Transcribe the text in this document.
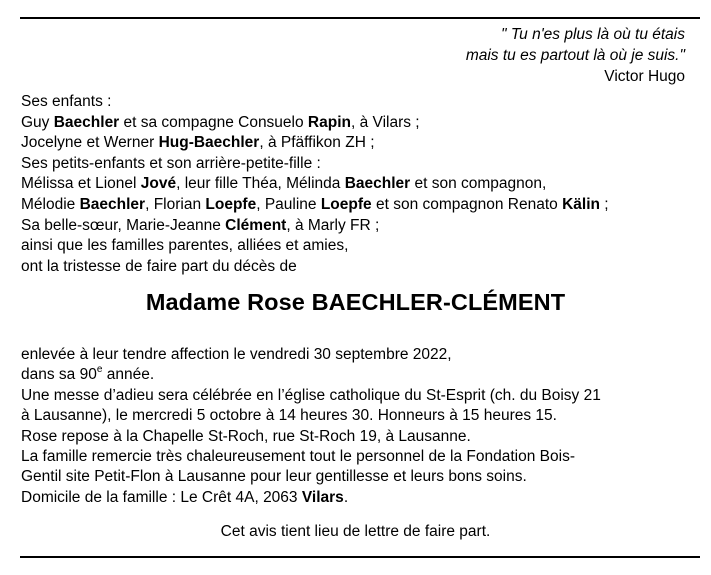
" Tu n'es plus là où tu étais
mais tu es partout là où je suis."
Victor Hugo
Ses enfants :
Guy Baechler et sa compagne Consuelo Rapin, à Vilars ;
Jocelyne et Werner Hug-Baechler, à Pfäffikon ZH ;
Ses petits-enfants et son arrière-petite-fille :
Mélissa et Lionel Jové, leur fille Théa, Mélinda Baechler et son compagnon,
Mélodie Baechler, Florian Loepfe, Pauline Loepfe et son compagnon Renato Kälin ;
Sa belle-sœur, Marie-Jeanne Clément, à Marly FR ;
ainsi que les familles parentes, alliées et amies,
ont la tristesse de faire part du décès de
Madame Rose BAECHLER-CLÉMENT
enlevée à leur tendre affection le vendredi 30 septembre 2022,
dans sa 90e année.
Une messe d’adieu sera célébrée en l’église catholique du St-Esprit (ch. du Boisy 21
à Lausanne), le mercredi 5 octobre à 14 heures 30. Honneurs à 15 heures 15.
Rose repose à la Chapelle St-Roch, rue St-Roch 19, à Lausanne.
La famille remercie très chaleureusement tout le personnel de la Fondation Bois-
Gentil site Petit-Flon à Lausanne pour leur gentillesse et leurs bons soins.
Domicile de la famille : Le Crêt 4A, 2063 Vilars.
Cet avis tient lieu de lettre de faire part.
